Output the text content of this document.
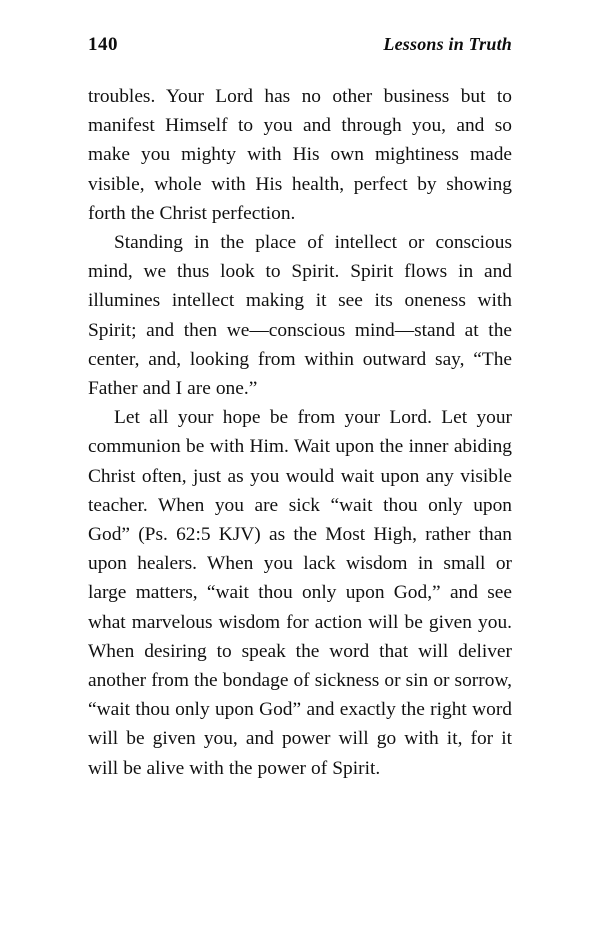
140	Lessons in Truth

troubles. Your Lord has no other business but to manifest Himself to you and through you, and so make you mighty with His own mightiness made visible, whole with His health, perfect by showing forth the Christ perfection.

Standing in the place of intellect or conscious mind, we thus look to Spirit. Spirit flows in and illumines intellect making it see its oneness with Spirit; and then we—conscious mind—stand at the center, and, looking from within outward say, “The Father and I are one.”

Let all your hope be from your Lord. Let your communion be with Him. Wait upon the inner abiding Christ often, just as you would wait upon any visible teacher. When you are sick “wait thou only upon God” (Ps. 62:5 KJV) as the Most High, rather than upon healers. When you lack wisdom in small or large matters, “wait thou only upon God,” and see what marvelous wisdom for action will be given you. When desiring to speak the word that will deliver another from the bondage of sickness or sin or sorrow, “wait thou only upon God” and exactly the right word will be given you, and power will go with it, for it will be alive with the power of Spirit.
